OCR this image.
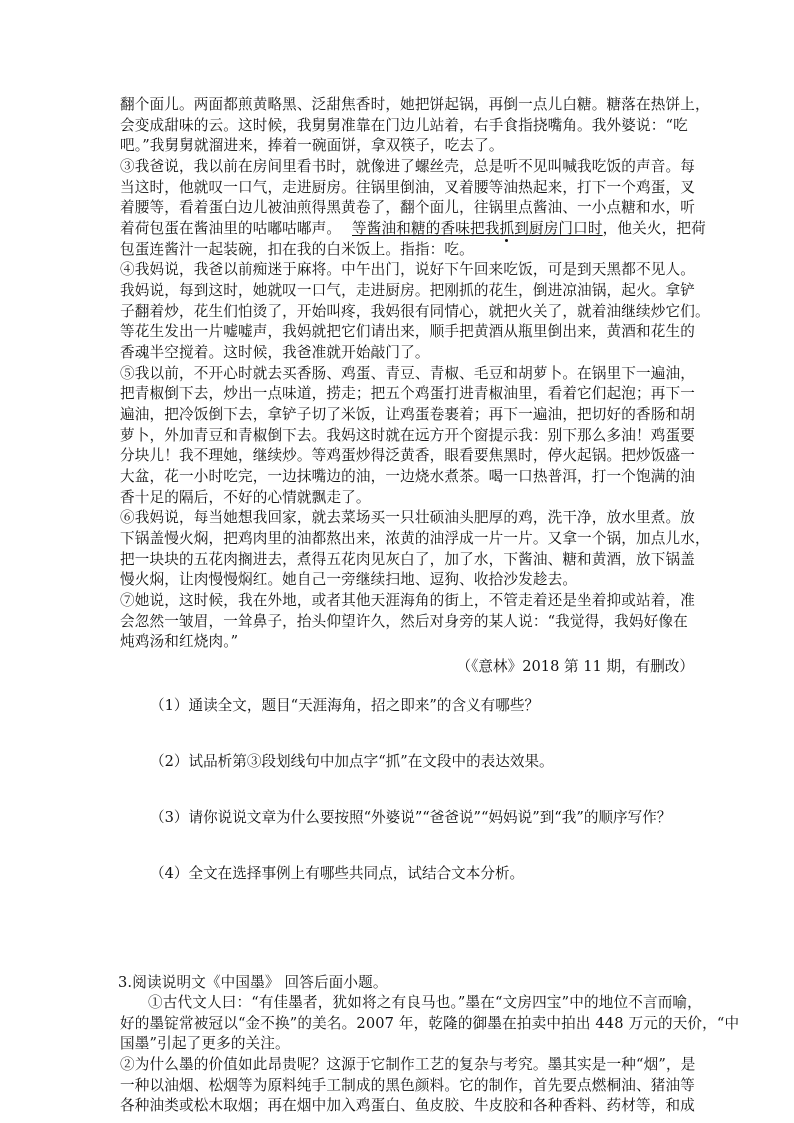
翻个面儿。两面都煎黄略黑、泛甜焦香时，她把饼起锅，再倒一点儿白糖。糖落在热饼上，
会变成甜味的云。这时候，我舅舅准靠在门边儿站着，右手食指挠嘴角。我外婆说：“吃
吧。”我舅舅就溜进来，捧着一碗面饼，拿双筷子，吃去了。
③我爸说，我以前在房间里看书时，就像进了螺丝壳，总是听不见叫喊我吃饭的声音。每
当这时，他就叹一口气，走进厨房。往锅里倒油，叉着腰等油热起来，打下一个鸡蛋，叉
着腰等，看着蛋白边儿被油煎得黑黄卷了，翻个面儿，往锅里点酱油、一小点糖和水，听
着荷包蛋在酱油里的咕嘟咕嘟声。
包蛋连酱汁一起装碗，扣在我的白米饭上。指指：吃。
等酱油和糖的香味把我抓到厨房门口时，他关火，把荷
④我妈说，我爸以前痴迷于麻将。中午出门，说好下午回来吃饭，可是到天黑都不见人。
我妈说，每到这时，她就叹一口气，走进厨房。把刚抓的花生，倒进凉油锅，起火。拿铲
子翻着炒，花生们怕烫了，开始叫疼，我妈很有同情心，就把火关了，就着油继续炒它们。
等花生发出一片嘘嘘声，我妈就把它们请出来，顺手把黄酒从瓶里倒出来，黄酒和花生的
香魂半空搅着。这时候，我爸准就开始敲门了。
⑤我以前，不开心时就去买香肠、鸡蛋、青豆、青椒、毛豆和胡萝卜。在锅里下一遍油，
把青椒倒下去，炒出一点味道，捞走；把五个鸡蛋打进青椒油里，看着它们起泡；再下一
遍油，把冷饭倒下去，拿铲子切了米饭，让鸡蛋卷裹着；再下一遍油，把切好的香肠和胡
萝卜，外加青豆和青椒倒下去。我妈这时就在远方开个窗提示我：别下那么多油！鸡蛋要
分块儿！我不理她，继续炒。等鸡蛋炒得泛黄香，眼看要焦黑时，停火起锅。把炒饭盛一
大盆，花一小时吃完，一边抹嘴边的油，一边烧水煮茶。喝一口热普洱，打一个饱满的油
香十足的隔后，不好的心情就飘走了。
⑥我妈说，每当她想我回家，就去菜场买一只壮硕油头肥厚的鸡，洗干净，放水里煮。放
下锅盖慢火焖，把鸡肉里的油都熬出来，浓黄的油浮成一片一片。又拿一个锅，加点儿水，
把一块块的五花肉搁进去，煮得五花肉见灰白了，加了水，下酱油、糖和黄酒，放下锅盖
慢火焖，让肉慢慢焖红。她自己一旁继续扫地、逗狗、收拾沙发趁去。
⑦她说，这时候，我在外地，或者其他天涯海角的街上，不管走着还是坐着抑或站着，准
会忽然一皱眉，一耸鼻子，抬头仰望许久，然后对身旁的某人说：“我觉得，我妈好像在
炖鸡汤和红烧肉。”
（《意林》2018 第 11 期，有删改）
（1）通读全文，题目“天涯海角，招之即来”的含义有哪些？
（2）试品析第③段划线句中加点字“抓”在文段中的表达效果。
（3）请你说说文章为什么要按照“外婆说”“爸爸说”“妈妈说”到“我”的顺序写作？
（4）全文在选择事例上有哪些共同点，试结合文本分析。
3.阅读说明文《中国墨》 回答后面小题。
①古代文人曰：“有佳墨者，犹如将之有良马也。”墨在“文房四宝”中的地位不言而喻，
好的墨锭常被冠以“金不换”的美名。2007 年，乾隆的御墨在拍卖中拍出 448 万元的天价，“中
国墨”引起了更多的关注。
②为什么墨的价值如此昂贵呢？这源于它制作工艺的复杂与考究。墨其实是一种“烟”，是
一种以油烟、松烟等为原料纯手工制成的黑色颜料。它的制作，首先要点燃桐油、猪油等
各种油类或松木取烟；再在烟中加入鸡蛋白、鱼皮胶、牛皮胶和各种香料、药材等，和成
